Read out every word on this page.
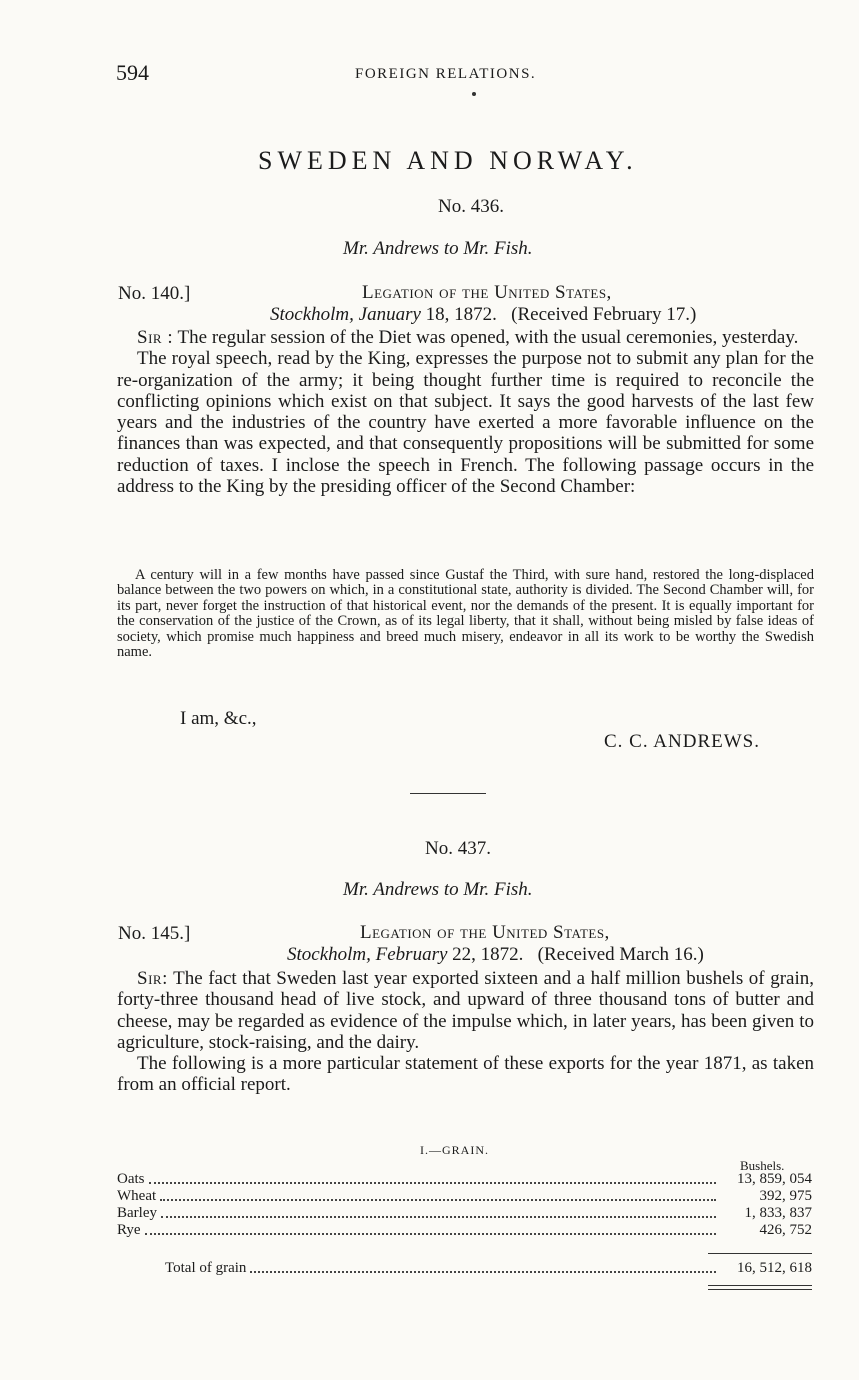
594	FOREIGN RELATIONS.
SWEDEN AND NORWAY.
No. 436.
Mr. Andrews to Mr. Fish.
No. 140.]	Legation of the United States,
Stockholm, January 18, 1872. (Received February 17.)

Sir : The regular session of the Diet was opened, with the usual ceremonies, yesterday.

The royal speech, read by the King, expresses the purpose not to submit any plan for the re-organization of the army; it being thought further time is required to reconcile the conflicting opinions which exist on that subject. It says the good harvests of the last few years and the industries of the country have exerted a more favorable influence on the finances than was expected, and that consequently propositions will be submitted for some reduction of taxes. I inclose the speech in French. The following passage occurs in the address to the King by the presiding officer of the Second Chamber:

A century will in a few months have passed since Gustaf the Third, with sure hand, restored the long-displaced balance between the two powers on which, in a constitutional state, authority is divided. The Second Chamber will, for its part, never forget the instruction of that historical event, nor the demands of the present. It is equally important for the conservation of the justice of the Crown, as of its legal liberty, that it shall, without being misled by false ideas of society, which promise much happiness and breed much misery, endeavor in all its work to be worthy the Swedish name.

I am, &c.,
C. C. ANDREWS.
No. 437.
Mr. Andrews to Mr. Fish.
No. 145.]	Legation of the United States,
Stockholm, February 22, 1872. (Received March 16.)

Sir: The fact that Sweden last year exported sixteen and a half million bushels of grain, forty-three thousand head of live stock, and upward of three thousand tons of butter and cheese, may be regarded as evidence of the impulse which, in later years, has been given to agriculture, stock-raising, and the dairy.

The following is a more particular statement of these exports for the year 1871, as taken from an official report.

I.—GRAIN.
Bushels.
Oats	13, 859, 054
Wheat	392, 975
Barley	1, 833, 837
Rye	426, 752
Total of grain	16, 512, 618
